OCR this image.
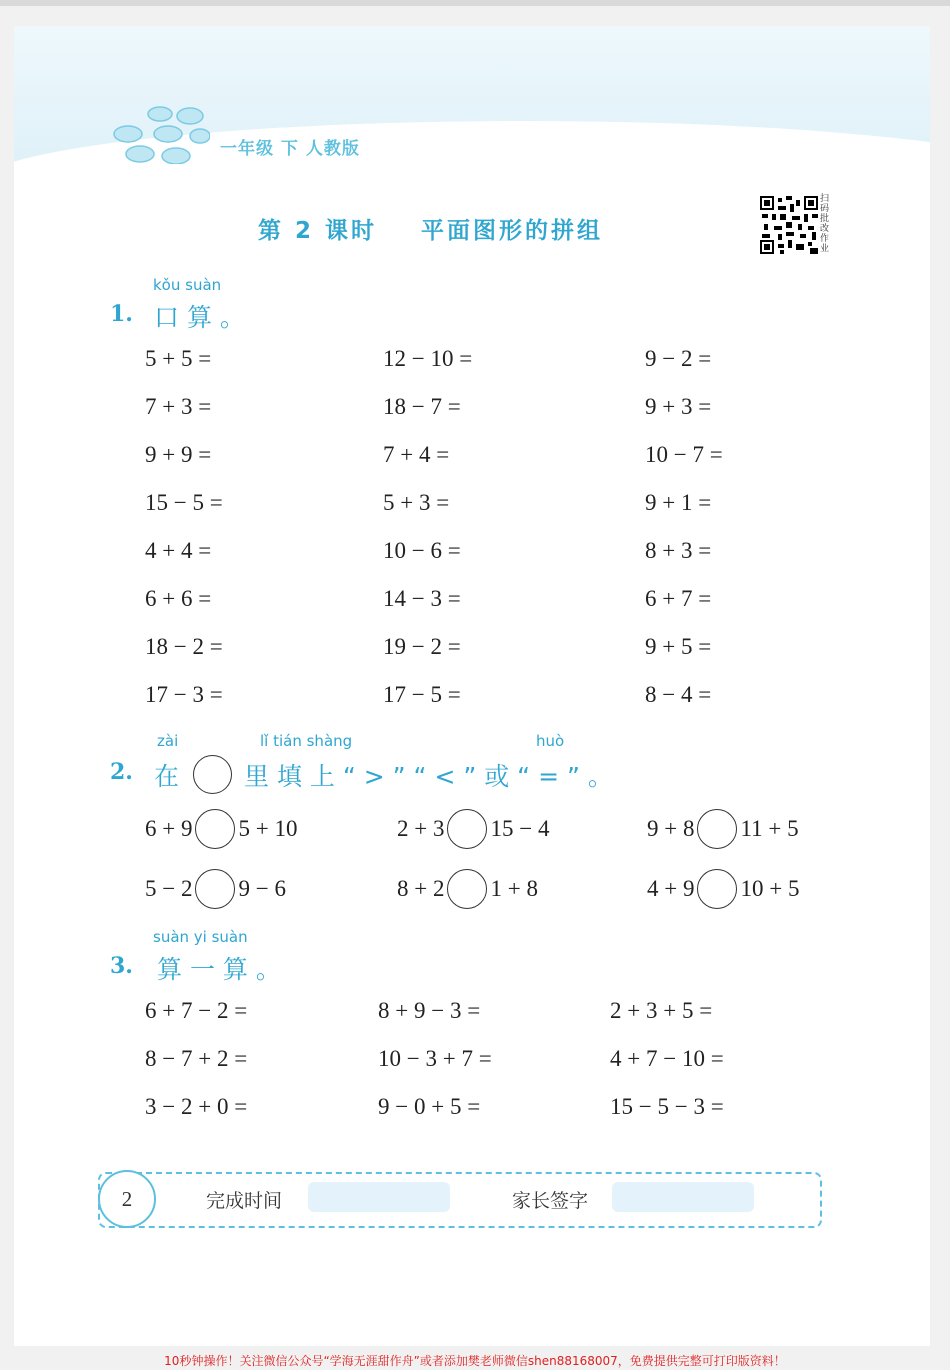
一年级 下 人教版
第 2 课时    平面图形的拼组
扫码批改作业
kǒu suàn
1. 口 算 。
5 + 5 =	12 − 10 =	9 − 2 =
7 + 3 =	18 − 7 =	9 + 3 =
9 + 9 =	7 + 4 =	10 − 7 =
15 − 5 =	5 + 3 =	9 + 1 =
4 + 4 =	10 − 6 =	8 + 3 =
6 + 6 =	14 − 3 =	6 + 7 =
18 − 2 =	19 − 2 =	9 + 5 =
17 − 3 =	17 − 5 =	8 − 4 =
zài	lǐ tián shàng	huò
2. 在	里 填 上 “ > ” “ < ” 或 “ = ” 。
6 + 9 5 + 10	2 + 3 15 − 4	9 + 8 11 + 5
5 − 2 9 − 6	8 + 2 1 + 8	4 + 9 10 + 5
suàn yi suàn
3. 算 一 算 。
6 + 7 − 2 =	8 + 9 − 3 =	2 + 3 + 5 =
8 − 7 + 2 =	10 − 3 + 7 =	4 + 7 − 10 =
3 − 2 + 0 =	9 − 0 + 5 =	15 − 5 − 3 =
2	完成时间	家长签字
10秒钟操作！关注微信公众号“学海无涯甜作舟”或者添加樊老师微信shen88168007，免费提供完整可打印版资料！
